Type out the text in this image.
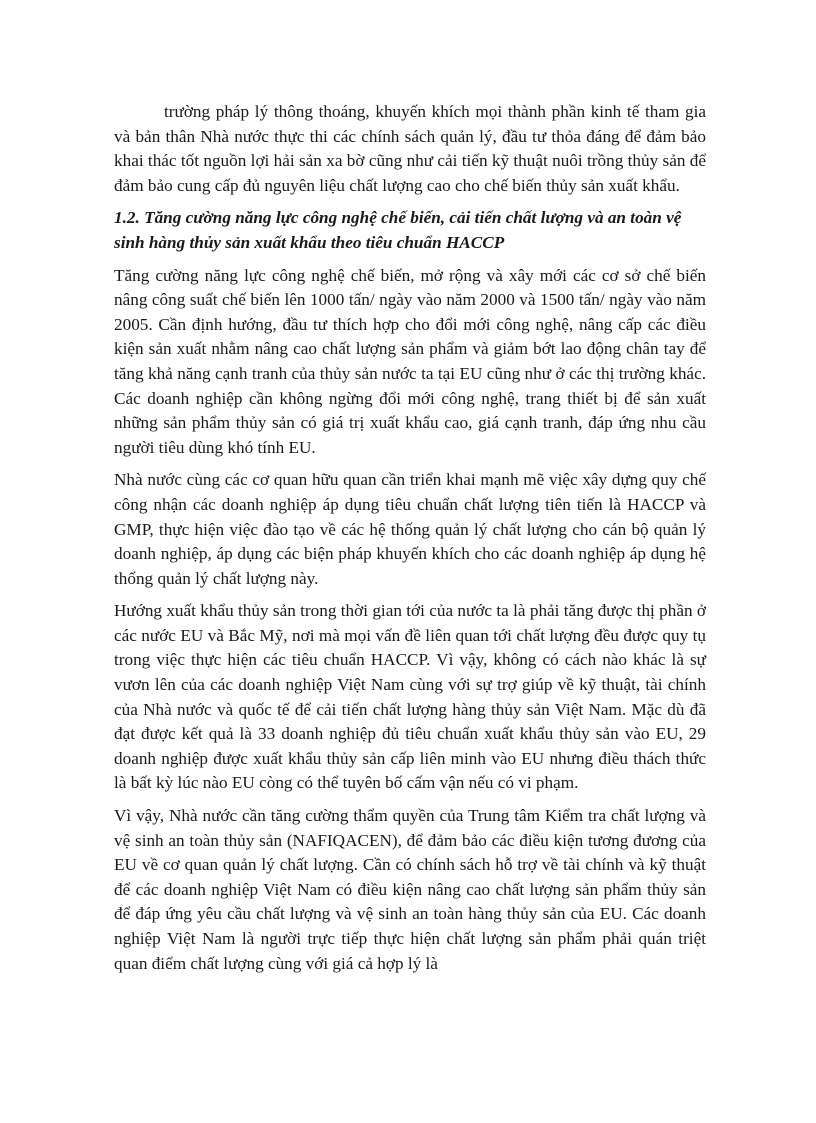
trường pháp lý thông thoáng, khuyến khích mọi thành phần kinh tế tham gia và bản thân Nhà nước thực thi các chính sách quản lý, đầu tư thỏa đáng để đảm bảo khai thác tốt nguồn lợi hải sản xa bờ cũng như cải tiến kỹ thuật nuôi trồng thủy sản để đảm bảo cung cấp đủ nguyên liệu chất lượng cao cho chế biến thủy sản xuất khẩu.

1.2. Tăng cường năng lực công nghệ chế biến, cải tiến chất lượng và an toàn vệ sinh hàng thủy sản xuất khẩu theo tiêu chuẩn HACCP

Tăng cường năng lực công nghệ chế biến, mở rộng và xây mới các cơ sở chế biến nâng công suất chế biến lên 1000 tấn/ ngày vào năm 2000 và 1500 tấn/ ngày vào năm 2005. Cần định hướng, đầu tư thích hợp cho đổi mới công nghệ, nâng cấp các điều kiện sản xuất nhằm nâng cao chất lượng sản phẩm và giảm bớt lao động chân tay để tăng khả năng cạnh tranh của thủy sản nước ta tại EU cũng như ở các thị trường khác. Các doanh nghiệp cần không ngừng đổi mới công nghệ, trang thiết bị để sản xuất những sản phẩm thủy sản có giá trị xuất khẩu cao, giá cạnh tranh, đáp ứng nhu cầu người tiêu dùng khó tính EU.

Nhà nước cùng các cơ quan hữu quan cần triển khai mạnh mẽ việc xây dựng quy chế công nhận các doanh nghiệp áp dụng tiêu chuẩn chất lượng tiên tiến là HACCP và GMP, thực hiện việc đào tạo về các hệ thống quản lý chất lượng cho cán bộ quản lý doanh nghiệp, áp dụng các biện pháp khuyến khích cho các doanh nghiệp áp dụng hệ thống quản lý chất lượng này.

Hướng xuất khẩu thủy sản trong thời gian tới của nước ta là phải tăng được thị phần ở các nước EU và Bắc Mỹ, nơi mà mọi vấn đề liên quan tới chất lượng đều được quy tụ trong việc thực hiện các tiêu chuẩn HACCP. Vì vậy, không có cách nào khác là sự vươn lên của các doanh nghiệp Việt Nam cùng với sự trợ giúp về kỹ thuật, tài chính của Nhà nước và quốc tế để cải tiến chất lượng hàng thủy sản Việt Nam. Mặc dù đã đạt được kết quả là 33 doanh nghiệp đủ tiêu chuẩn xuất khẩu thủy sản vào EU, 29 doanh nghiệp được xuất khẩu thủy sản cấp liên minh vào EU nhưng điều thách thức là bất kỳ lúc nào EU còng có thể tuyên bố cấm vận nếu có vi phạm.

Vì vậy, Nhà nước cần tăng cường thẩm quyền của Trung tâm Kiểm tra chất lượng và vệ sinh an toàn thủy sản (NAFIQACEN), để đảm bảo các điều kiện tương đương của EU về cơ quan quản lý chất lượng. Cần có chính sách hỗ trợ về tài chính và kỹ thuật để các doanh nghiệp Việt Nam có điều kiện nâng cao chất lượng sản phẩm thủy sản để đáp ứng yêu cầu chất lượng và vệ sinh an toàn hàng thủy sản của EU. Các doanh nghiệp Việt Nam là người trực tiếp thực hiện chất lượng sản phẩm phải quán triệt quan điểm chất lượng cùng với giá cả hợp lý là
